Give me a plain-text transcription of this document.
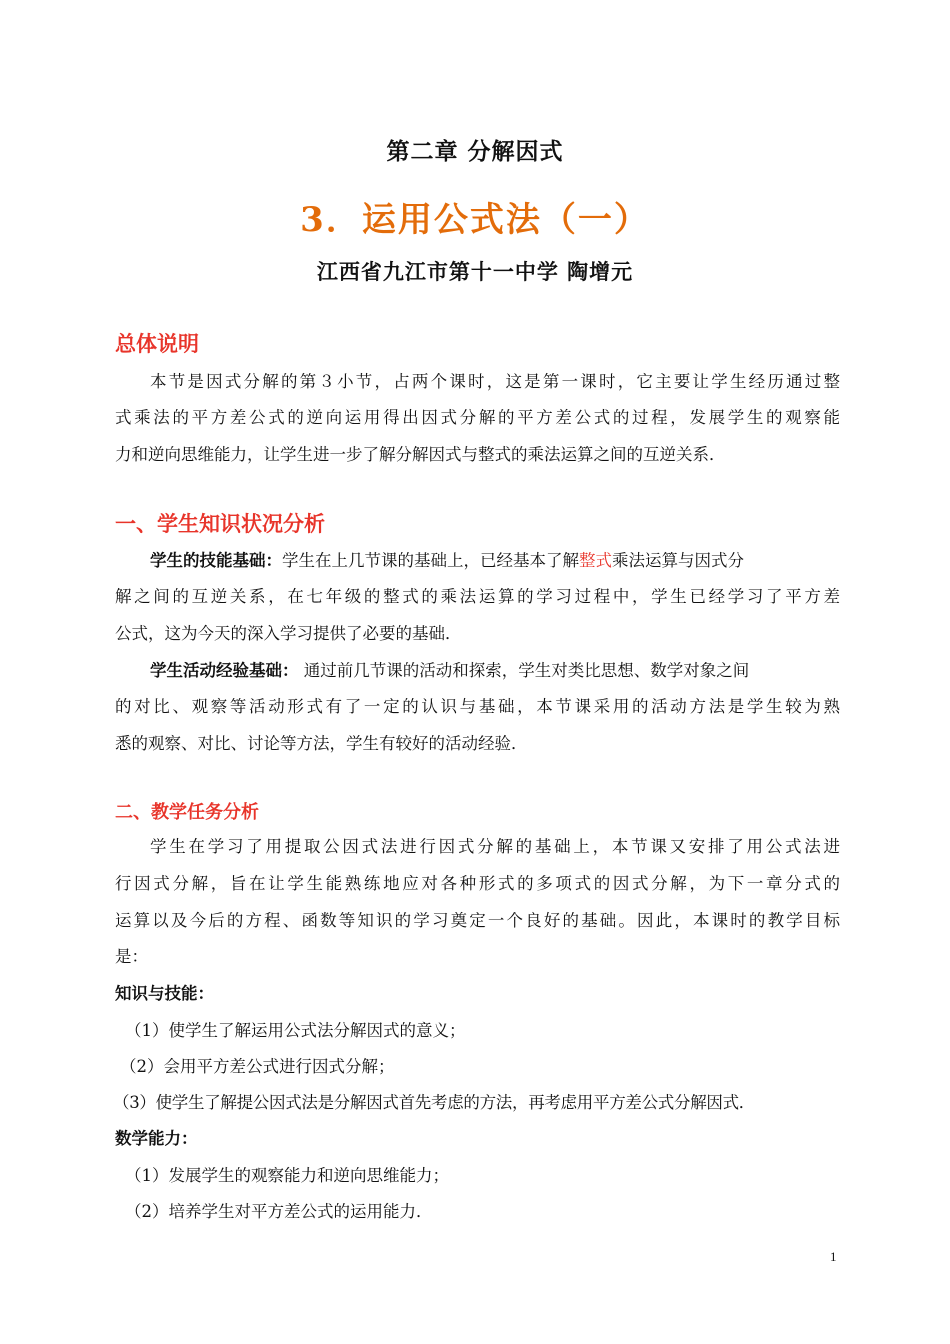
第二章 分解因式
3．运用公式法（一）
江西省九江市第十一中学 陶增元
总体说明
本节是因式分解的第３小节，占两个课时，这是第一课时，它主要让学生经历通过整
式乘法的平方差公式的逆向运用得出因式分解的平方差公式的过程，发展学生的观察能
力和逆向思维能力，让学生进一步了解分解因式与整式的乘法运算之间的互逆关系．
一、学生知识状况分析
学生的技能基础：学生在上几节课的基础上，已经基本了解整式乘法运算与因式分
解之间的互逆关系，在七年级的整式的乘法运算的学习过程中，学生已经学习了平方差
公式，这为今天的深入学习提供了必要的基础．
学生活动经验基础： 通过前几节课的活动和探索，学生对类比思想、数学对象之间
的对比、观察等活动形式有了一定的认识与基础，本节课采用的活动方法是学生较为熟
悉的观察、对比、讨论等方法，学生有较好的活动经验．
二、教学任务分析
学生在学习了用提取公因式法进行因式分解的基础上，本节课又安排了用公式法进
行因式分解，旨在让学生能熟练地应对各种形式的多项式的因式分解，为下一章分式的
运算以及今后的方程、函数等知识的学习奠定一个良好的基础。因此，本课时的教学目标
是：
知识与技能：
（1）使学生了解运用公式法分解因式的意义；
（2）会用平方差公式进行因式分解；
（3）使学生了解提公因式法是分解因式首先考虑的方法，再考虑用平方差公式分解因式．
数学能力：
（1）发展学生的观察能力和逆向思维能力；
（2）培养学生对平方差公式的运用能力．
1
